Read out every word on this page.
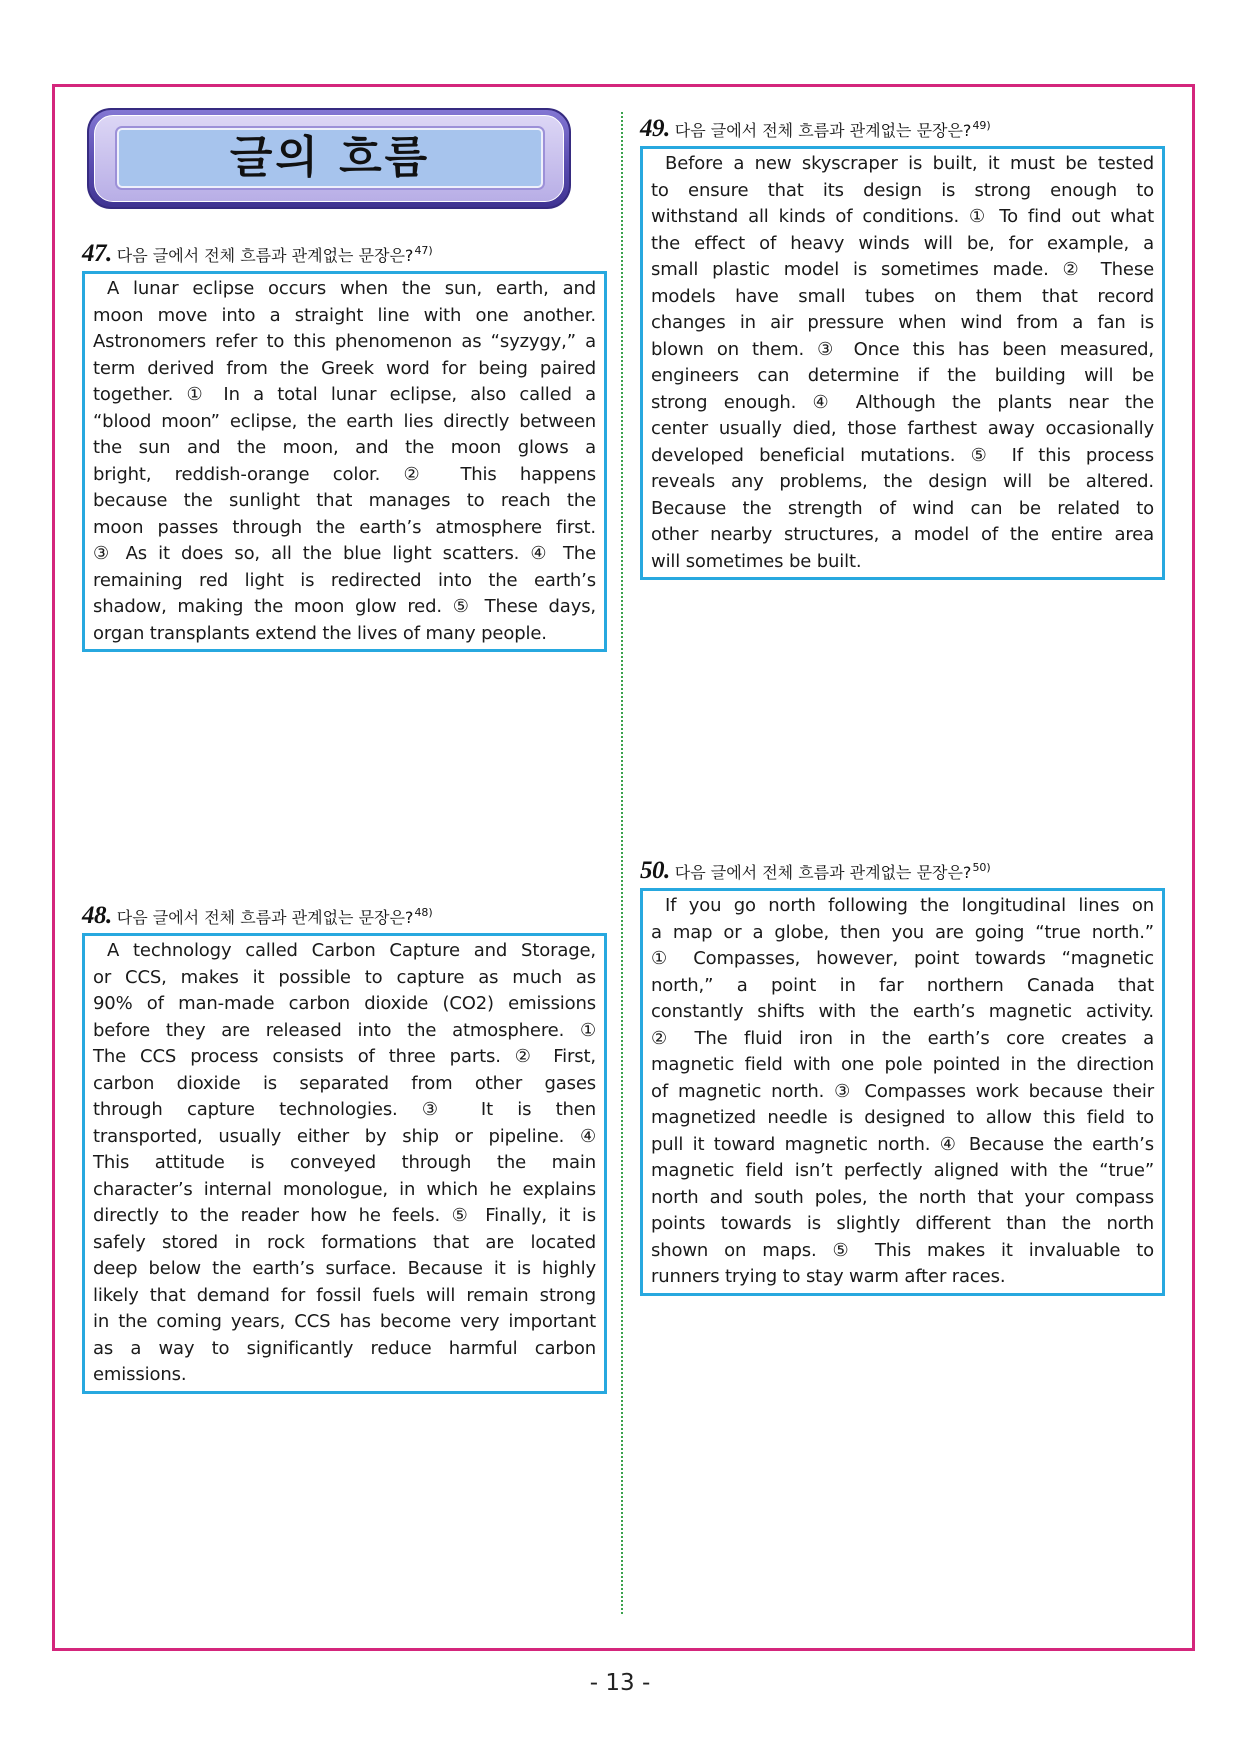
글의 흐름
47. 다음 글에서 전체 흐름과 관계없는 문장은?$^{47)}$
A lunar eclipse occurs when the sun, earth, and
moon move into a straight line with one another.
Astronomers refer to this phenomenon as “syzygy,” a
term derived from the Greek word for being paired
together. ① In a total lunar eclipse, also called a
“blood moon” eclipse, the earth lies directly between
the sun and the moon, and the moon glows a
bright, reddish-orange color. ② This happens
because the sunlight that manages to reach the
moon passes through the earth’s atmosphere first.
③ As it does so, all the blue light scatters. ④ The
remaining red light is redirected into the earth’s
shadow, making the moon glow red. ⑤ These days,
organ transplants extend the lives of many people.
48. 다음 글에서 전체 흐름과 관계없는 문장은?$^{48)}$
A technology called Carbon Capture and Storage,
or CCS, makes it possible to capture as much as
90% of man-made carbon dioxide (CO2) emissions
before they are released into the atmosphere. ①
The CCS process consists of three parts. ② First,
carbon dioxide is separated from other gases
through capture technologies. ③ It is then
transported, usually either by ship or pipeline. ④
This attitude is conveyed through the main
character’s internal monologue, in which he explains
directly to the reader how he feels. ⑤ Finally, it is
safely stored in rock formations that are located
deep below the earth’s surface. Because it is highly
likely that demand for fossil fuels will remain strong
in the coming years, CCS has become very important
as a way to significantly reduce harmful carbon
emissions.
49. 다음 글에서 전체 흐름과 관계없는 문장은?$^{49)}$
Before a new skyscraper is built, it must be tested
to ensure that its design is strong enough to
withstand all kinds of conditions. ① To find out what
the effect of heavy winds will be, for example, a
small plastic model is sometimes made. ② These
models have small tubes on them that record
changes in air pressure when wind from a fan is
blown on them. ③ Once this has been measured,
engineers can determine if the building will be
strong enough. ④ Although the plants near the
center usually died, those farthest away occasionally
developed beneficial mutations. ⑤ If this process
reveals any problems, the design will be altered.
Because the strength of wind can be related to
other nearby structures, a model of the entire area
will sometimes be built.
50. 다음 글에서 전체 흐름과 관계없는 문장은?$^{50)}$
If you go north following the longitudinal lines on
a map or a globe, then you are going “true north.”
① Compasses, however, point towards “magnetic
north,” a point in far northern Canada that
constantly shifts with the earth’s magnetic activity.
② The fluid iron in the earth’s core creates a
magnetic field with one pole pointed in the direction
of magnetic north. ③ Compasses work because their
magnetized needle is designed to allow this field to
pull it toward magnetic north. ④ Because the earth’s
magnetic field isn’t perfectly aligned with the “true”
north and south poles, the north that your compass
points towards is slightly different than the north
shown on maps. ⑤ This makes it invaluable to
runners trying to stay warm after races.
- 13 -
